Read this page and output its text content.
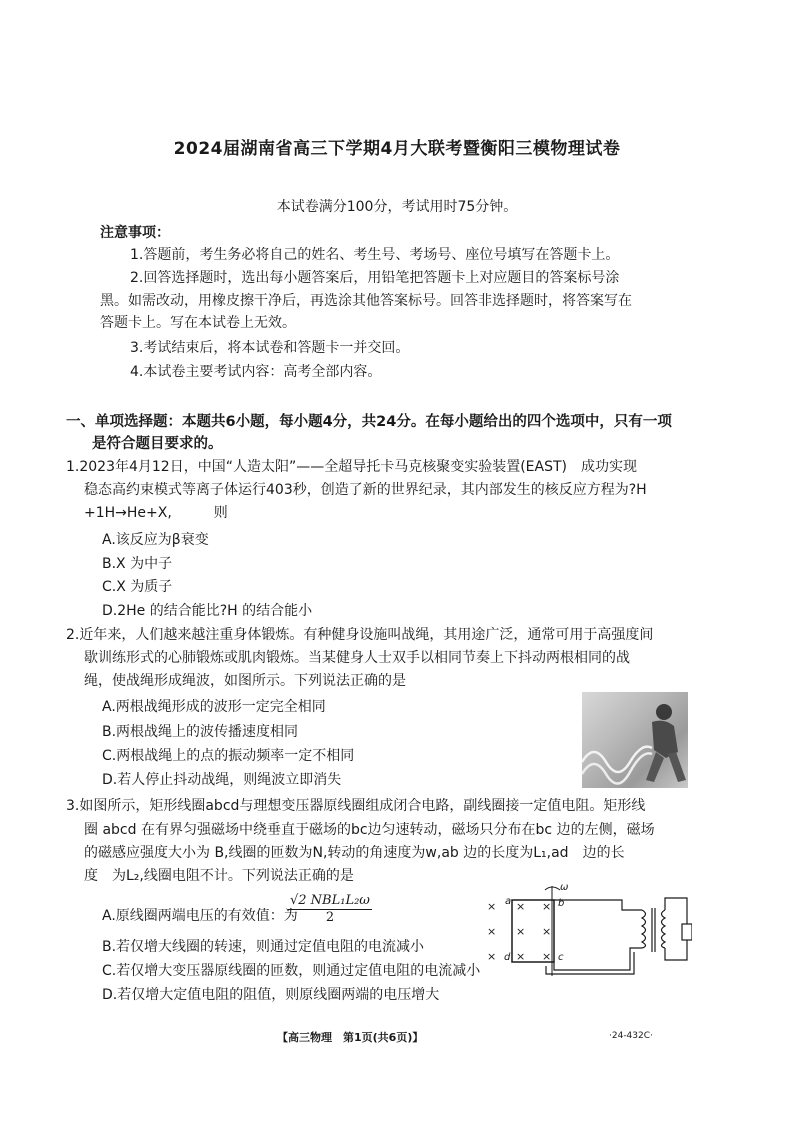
2024届湖南省高三下学期4月大联考暨衡阳三模物理试卷
本试卷满分100分，考试用时75分钟。
注意事项：
1.答题前，考生务必将自己的姓名、考生号、考场号、座位号填写在答题卡上。
2.回答选择题时，选出每小题答案后，用铅笔把答题卡上对应题目的答案标号涂
黑。如需改动，用橡皮擦干净后，再选涂其他答案标号。回答非选择题时，将答案写在
答题卡上。写在本试卷上无效。
3.考试结束后，将本试卷和答题卡一并交回。
4.本试卷主要考试内容：高考全部内容。
一、单项选择题：本题共6小题，每小题4分，共24分。在每小题给出的四个选项中，只有一项
是符合题目要求的。
1.2023年4月12日，中国“人造太阳”——全超导托卡马克核聚变实验装置(EAST)　成功实现
稳态高约束模式等离子体运行403秒，创造了新的世界纪录，其内部发生的核反应方程为?H
+1H→He+X,　　　则
A.该反应为β衰变
B.X 为中子
C.X 为质子
D.2He 的结合能比?H 的结合能小
2.近年来，人们越来越注重身体锻炼。有种健身设施叫战绳，其用途广泛，通常可用于高强度间
歇训练形式的心肺锻炼或肌肉锻炼。当某健身人士双手以相同节奏上下抖动两根相同的战
绳，使战绳形成绳波，如图所示。下列说法正确的是
A.两根战绳形成的波形一定完全相同
B.两根战绳上的波传播速度相同
C.两根战绳上的点的振动频率一定不相同
D.若人停止抖动战绳，则绳波立即消失
3.如图所示，矩形线圈abcd与理想变压器原线圈组成闭合电路，副线圈接一定值电阻。矩形线
圈 abcd 在有界匀强磁场中绕垂直于磁场的bc边匀速转动，磁场只分布在bc 边的左侧，磁场
的磁感应强度大小为 B,线圈的匝数为N,转动的角速度为w,ab 边的长度为L₁,ad　边的长
度　为L₂,线圈电阻不计。下列说法正确的是
A.原线圈两端电压的有效值：为
√2 NBL₁L₂ω
2
B.若仅增大线圈的转速，则通过定值电阻的电流减小
C.若仅增大变压器原线圈的匝数，则通过定值电阻的电流减小
D.若仅增大定值电阻的阻值，则原线圈两端的电压增大
×
×
×
×
×
×
×
×
×
a	b
c
d
ω
【高三物理　第1页(共6页)】	·24-432C·
